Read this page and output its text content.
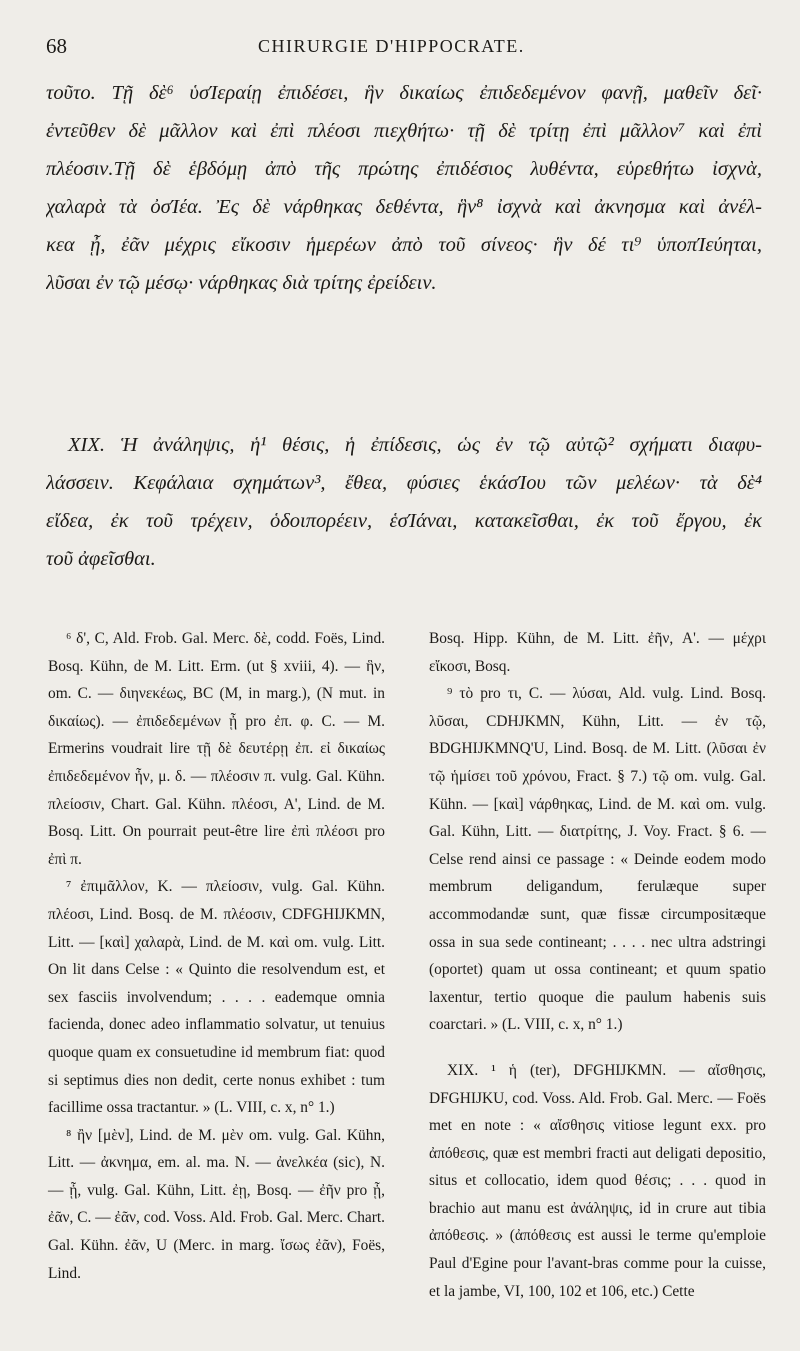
68	CHIRURGIE D'HIPPOCRATE.
τοῦτο. Τῇ δὲ⁶ ὑσΊεραίῃ ἐπιδέσει, ἣν δικαίως ἐπιδεδεμένον φανῇ, μαθεῖν δεῖ·
ἐντεῦθεν δὲ μᾶλλον καὶ ἐπὶ πλέοσι πιεχθήτω· τῇ δὲ τρίτῃ ἐπὶ μᾶλλον⁷ καὶ ἐπὶ
πλέοσιν.Τῇ δὲ ἑβδόμῃ ἀπὸ τῆς πρώτης ἐπιδέσιος λυθέντα, εὑρεθήτω ἰσχνὰ,
χαλαρὰ τὰ ὀσΊέα. Ἐς δὲ νάρθηκας δεθέντα, ἣν⁸ ἰσχνὰ καὶ ἀκνησμα καὶ ἀνέλ-
κεα ᾖ, ἐᾶν μέχρις εἴκοσιν ἡμερέων ἀπὸ τοῦ σίνεος· ἣν δέ τι⁹ ὑποπΊεύηται,
λῦσαι ἐν τῷ μέσῳ· νάρθηκας διὰ τρίτης ἐρείδειν.
XIX. Ἡ ἀνάληψις, ἡ¹ θέσις, ἡ ἐπίδεσις, ὡς ἐν τῷ αὐτῷ² σχήματι διαφυ-
λάσσειν. Κεφάλαια σχημάτων³, ἔθεα, φύσιες ἑκάσΊου τῶν μελέων· τὰ δὲ⁴
εἴδεα, ἐκ τοῦ τρέχειν, ὁδοιπορέειν, ἑσΊάναι, κατακεῖσθαι, ἐκ τοῦ ἔργου, ἐκ
τοῦ ἀφεῖσθαι.

⁶ δ', C, Ald. Frob. Gal. Merc. δὲ, codd. Foës, Lind. Bosq. Kühn, de M. Litt. Erm. (ut § xviii, 4). — ἣν, om. C. — διηνεκέως, BC (M, in marg.), (N mut. in δικαίως). — ἐπιδεδεμένων ᾖ pro ἐπ. φ. C. — M. Ermerins voudrait lire τῇ δὲ δευτέρῃ ἐπ. εἰ δικαίως ἐπιδεδεμένον ἦν, μ. δ. — πλέοσιν π. vulg. Gal. Kühn. πλείοσιν, Chart. Gal. Kühn. πλέοσι, A', Lind. de M. Bosq. Litt. On pourrait peut-être lire ἐπὶ πλέοσι pro ἐπὶ π.

⁷ ἐπιμᾶλλον, K. — πλείοσιν, vulg. Gal. Kühn. πλέοσι, Lind. Bosq. de M. πλέοσιν, CDFGHIJKMN, Litt. — [καὶ] χαλαρὰ, Lind. de M. καὶ om. vulg. Litt. On lit dans Celse : « Quinto die resolvendum est, et sex fasciis involvendum; . . . . eademque omnia facienda, donec adeo inflammatio solvatur, ut tenuius quoque quam ex consuetudine id membrum fiat: quod si septimus dies non dedit, certe nonus exhibet : tum facillime ossa tractantur. » (L. VIII, c. x, n° 1.)

⁸ ἢν [μὲν], Lind. de M. μὲν om. vulg. Gal. Kühn, Litt. — ἀκνημα, em. al. ma. N. — ἀνελκέα (sic), N. — ᾖ, vulg. Gal. Kühn, Litt. ἐῃ, Bosq. — ἐῆν pro ᾖ, ἐᾶν, C. — ἐᾶν, cod. Voss. Ald. Frob. Gal. Merc. Chart. Gal. Kühn. ἐᾶν, U (Merc. in marg. ἴσως ἐᾶν), Foës, Lind.

Bosq. Hipp. Kühn, de M. Litt. ἐῆν, A'. — μέχρι εἴκοσι, Bosq.

⁹ τὸ pro τι, C. — λύσαι, Ald. vulg. Lind. Bosq. λῦσαι, CDHJKMN, Kühn, Litt. — ἐν τῷ, BDGHIJKMNQ'U, Lind. Bosq. de M. Litt. (λῦσαι ἐν τῷ ἡμίσει τοῦ χρόνου, Fract. § 7.) τῷ om. vulg. Gal. Kühn. — [καὶ] νάρθηκας, Lind. de M. καὶ om. vulg. Gal. Kühn, Litt. — διατρίτης, J. Voy. Fract. § 6. — Celse rend ainsi ce passage : « Deinde eodem modo membrum deligandum, ferulæque super accommodandæ sunt, quæ fissæ circumpositæque ossa in sua sede contineant; . . . . nec ultra adstringi (oportet) quam ut ossa contineant; et quum spatio laxentur, tertio quoque die paulum habenis suis coarctari. » (L. VIII, c. x, n° 1.)

XIX. ¹ ἡ (ter), DFGHIJKMN. — αἴσθησις, DFGHIJKU, cod. Voss. Ald. Frob. Gal. Merc. — Foës met en note : « αἴσθησις vitiose legunt exx. pro ἀπόθεσις, quæ est membri fracti aut deligati depositio, situs et collocatio, idem quod θέσις; . . . quod in brachio aut manu est ἀνάληψις, id in crure aut tibia ἀπόθεσις. » (ἀπόθεσις est aussi le terme qu'emploie Paul d'Egine pour l'avant-bras comme pour la cuisse, et la jambe, VI, 100, 102 et 106, etc.) Cette
